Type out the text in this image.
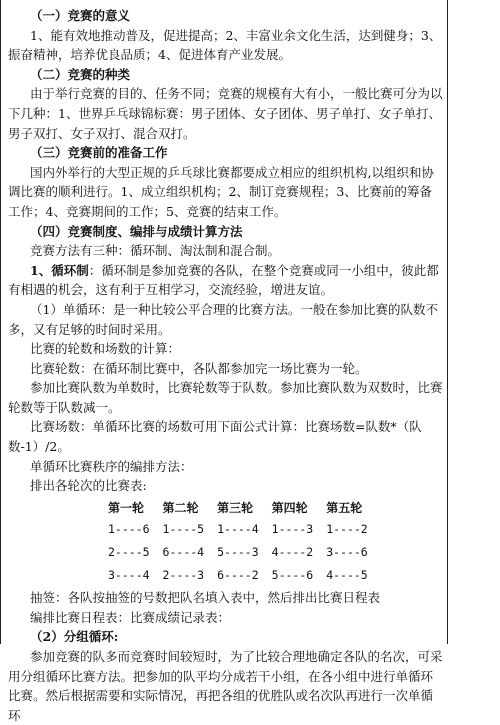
（一）竞赛的意义

1、能有效地推动普及，促进提高；2、丰富业余文化生活，达到健身；3、振奋精神，培养优良品质；4、促进体育产业发展。

（二）竞赛的种类

由于举行竞赛的目的、任务不同；竞赛的规模有大有小，一般比赛可分为以下几种：1、世界乒乓球锦标赛：男子团体、女子团体、男子单打、女子单打、男子双打、女子双打、混合双打。

（三）竞赛前的准备工作

国内外举行的大型正规的乒乓球比赛都要成立相应的组织机构,以组织和协调比赛的顺利进行。1、成立组织机构；2、制订竞赛规程；3、比赛前的筹备工作；4、竞赛期间的工作；5、竞赛的结束工作。

（四）竞赛制度、编排与成绩计算方法

竞赛方法有三种：循环制、淘汰制和混合制。

1、循环制：循环制是参加竞赛的各队，在整个竞赛或同一小组中，彼此都有相遇的机会，这有利于互相学习，交流经验，增进友谊。

（1）单循环：是一种比较公平合理的比赛方法。一般在参加比赛的队数不多，又有足够的时间时采用。

比赛的轮数和场数的计算：

比赛轮数：在循环制比赛中，各队都参加完一场比赛为一轮。

参加比赛队数为单数时，比赛轮数等于队数。参加比赛队数为双数时，比赛轮数等于队数减一。

比赛场数：单循环比赛的场数可用下面公式计算：比赛场数=队数*（队数-1）/2。

单循环比赛秩序的编排方法：

排出各轮次的比赛表:

第一轮	第二轮	第三轮	第四轮	第五轮
1----6	1----5	1----4	1----3	1----2
2----5	6----4	5----3	4----2	3----6
3----4	2----3	6----2	5----6	4----5

抽签：各队按抽签的号数把队名填入表中，然后排出比赛日程表

编排比赛日程表：比赛成绩记录表：

（2）分组循环:

参加竞赛的队多而竞赛时间较短时，为了比较合理地确定各队的名次，可采用分组循环比赛方法。把参加的队平均分成若干小组，在各小组中进行单循环比赛。然后根据需要和实际情况，再把各组的优胜队或名次队再进行一次单循环
